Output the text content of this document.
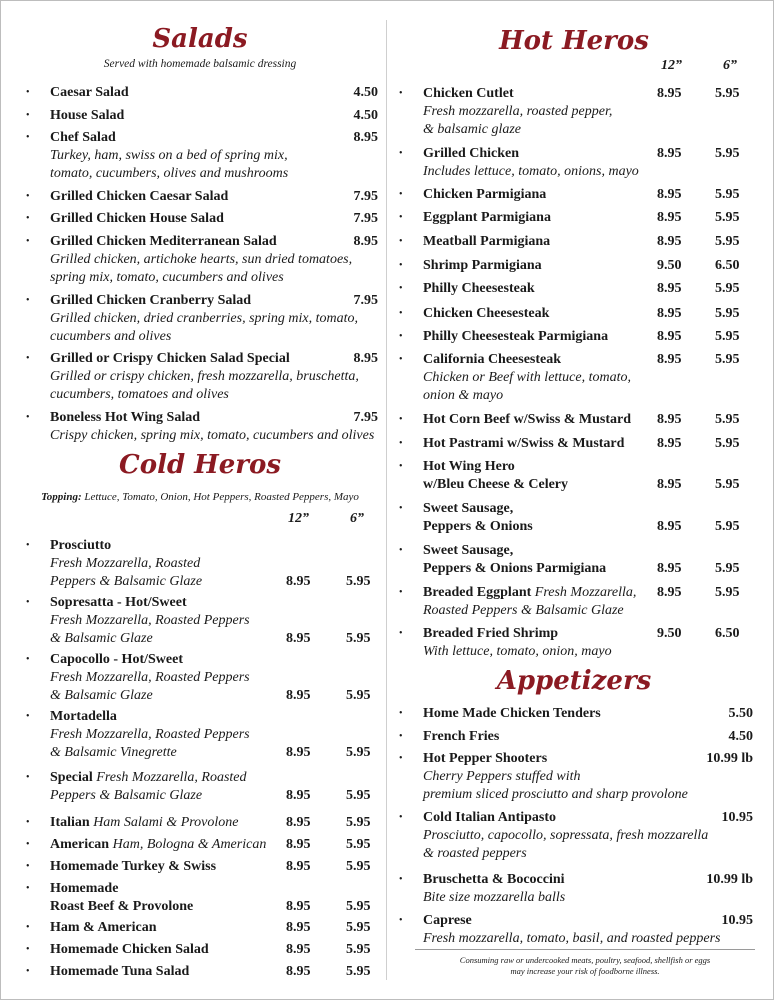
Salads
Served with homemade balsamic dressing
• Caesar Salad	4.50
• House Salad	4.50
• Chef Salad
Turkey, ham, swiss on a bed of spring mix,
tomato, cucumbers, olives and mushrooms
8.95
• Grilled Chicken Caesar Salad	7.95
• Grilled Chicken House Salad	7.95
• Grilled Chicken Mediterranean Salad
Grilled chicken, artichoke hearts, sun dried tomatoes,
spring mix, tomato, cucumbers and olives
8.95
• Grilled Chicken Cranberry Salad
Grilled chicken, dried cranberries, spring mix, tomato,
cucumbers and olives
7.95
• Grilled or Crispy Chicken Salad Special
Grilled or crispy chicken, fresh mozzarella, bruschetta,
cucumbers, tomatoes and olives
8.95
• Boneless Hot Wing Salad
Crispy chicken, spring mix, tomato, cucumbers and olives
7.95
Cold Heros
Topping: Lettuce, Tomato, Onion, Hot Peppers, Roasted Peppers, Mayo
12”	6”
• Prosciutto
Fresh Mozzarella, Roasted
Peppers & Balsamic Glaze	8.95	5.95
• Sopresatta - Hot/Sweet
Fresh Mozzarella, Roasted Peppers
& Balsamic Glaze	8.95	5.95
• Capocollo - Hot/Sweet
Fresh Mozzarella, Roasted Peppers
& Balsamic Glaze	8.95	5.95
• Mortadella
Fresh Mozzarella, Roasted Peppers
& Balsamic Vinegrette	8.95	5.95
• Special Fresh Mozzarella, Roasted
Peppers & Balsamic Glaze	8.95	5.95
• Italian Ham Salami & Provolone	8.95	5.95
• American Ham, Bologna & American 8.95	5.95
• Homemade Turkey & Swiss	8.95	5.95
• Homemade
Roast Beef & Provolone	8.95	5.95
• Ham & American	8.95	5.95
• Homemade Chicken Salad	8.95	5.95
• Homemade Tuna Salad	8.95	5.95
Hot Heros
12”	6”
• Chicken Cutlet
Fresh mozzarella, roasted pepper,
& balsamic glaze
8.95 5.95
• Grilled Chicken
Includes lettuce, tomato, onions, mayo
8.95 5.95
• Chicken Parmigiana	8.95 5.95
• Eggplant Parmigiana	8.95 5.95
• Meatball Parmigiana	8.95 5.95
• Shrimp Parmigiana	9.50 6.50
• Philly Cheesesteak	8.95 5.95
• Chicken Cheesesteak	8.95 5.95
• Philly Cheesesteak Parmigiana	8.95 5.95
• California Cheesesteak
Chicken or Beef with lettuce, tomato,
onion & mayo
8.95 5.95
• Hot Corn Beef w/Swiss & Mustard 8.95 5.95
• Hot Pastrami w/Swiss & Mustard 8.95 5.95
• Hot Wing Hero
w/Bleu Cheese & Celery	8.95 5.95
• Sweet Sausage,
Peppers & Onions	8.95 5.95
• Sweet Sausage,
Peppers & Onions Parmigiana	8.95 5.95
• Breaded Eggplant Fresh Mozzarella,
Roasted Peppers & Balsamic Glaze
8.95 5.95
• Breaded Fried Shrimp
With lettuce, tomato, onion, mayo
9.50 6.50
Appetizers
• Home Made Chicken Tenders	5.50
• French Fries	4.50
• Hot Pepper Shooters
Cherry Peppers stuffed with
premium sliced prosciutto and sharp provolone
10.99 lb
• Cold Italian Antipasto
Prosciutto, capocollo, sopressata, fresh mozzarella
& roasted peppers
10.95
• Bruschetta & Bococcini
Bite size mozzarella balls
10.99 lb
• Caprese
Fresh mozzarella, tomato, basil, and roasted peppers
10.95
Consuming raw or undercooked meats, poultry, seafood, shellfish or eggs
may increase your risk of foodborne illness.
